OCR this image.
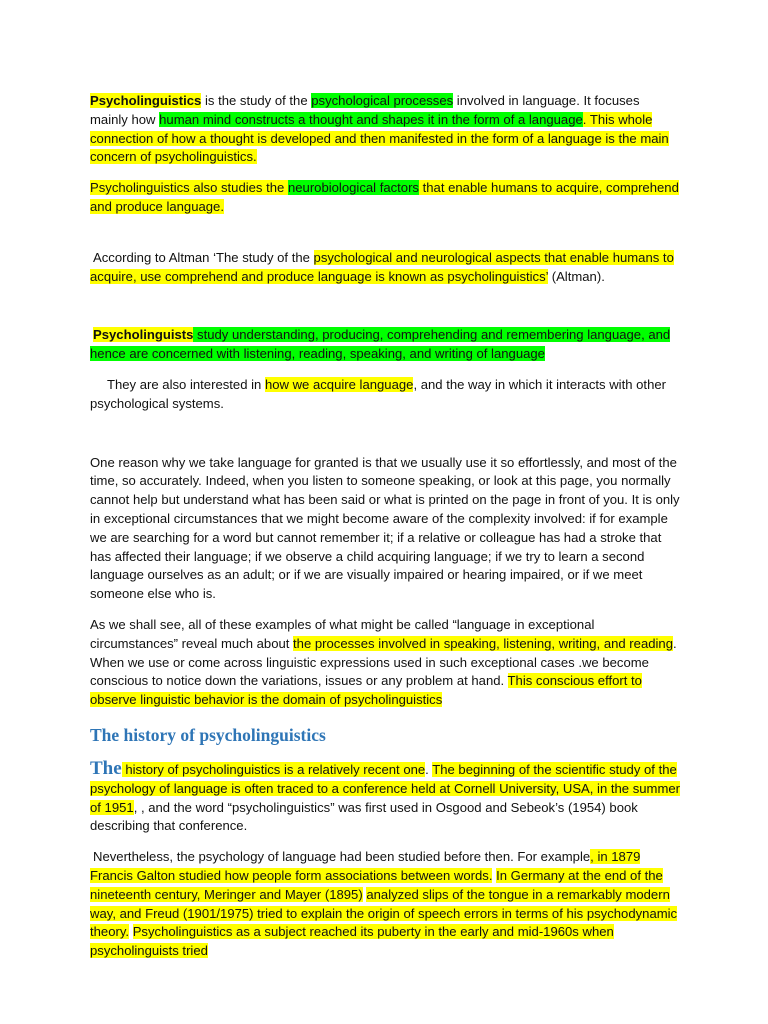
Psycholinguistics is the study of the psychological processes involved in language. It focuses mainly how human mind constructs a thought and shapes it in the form of a language. This whole connection of how a thought is developed and then manifested in the form of a language is the main concern of psycholinguistics.

Psycholinguistics also studies the neurobiological factors that enable humans to acquire, comprehend and produce language.

According to Altman ‘The study of the psychological and neurological aspects that enable humans to acquire, use comprehend and produce language is known as psycholinguistics’ (Altman).

Psycholinguists study understanding, producing, comprehending and remembering language, and hence are concerned with listening, reading, speaking, and writing of language

They are also interested in how we acquire language, and the way in which it interacts with other psychological systems.

One reason why we take language for granted is that we usually use it so effortlessly, and most of the time, so accurately. Indeed, when you listen to someone speaking, or look at this page, you normally cannot help but understand what has been said or what is printed on the page in front of you. It is only in exceptional circumstances that we might become aware of the complexity involved: if for example we are searching for a word but cannot remember it; if a relative or colleague has had a stroke that has affected their language; if we observe a child acquiring language; if we try to learn a second language ourselves as an adult; or if we are visually impaired or hearing impaired, or if we meet someone else who is.

As we shall see, all of these examples of what might be called “language in exceptional circumstances” reveal much about the processes involved in speaking, listening, writing, and reading. When we use or come across linguistic expressions used in such exceptional cases .we become conscious to notice down the variations, issues or any problem at hand. This conscious effort to observe linguistic behavior is the domain of psycholinguistics

The history of psycholinguistics

The history of psycholinguistics is a relatively recent one. The beginning of the scientific study of the psychology of language is often traced to a conference held at Cornell University, USA, in the summer of 1951, , and the word “psycholinguistics” was first used in Osgood and Sebeok’s (1954) book describing that conference.

Nevertheless, the psychology of language had been studied before then. For example, in 1879 Francis Galton studied how people form associations between words. In Germany at the end of the nineteenth century, Meringer and Mayer (1895) analyzed slips of the tongue in a remarkably modern way, and Freud (1901/1975) tried to explain the origin of speech errors in terms of his psychodynamic theory. Psycholinguistics as a subject reached its puberty in the early and mid-1960s when psycholinguists tried
